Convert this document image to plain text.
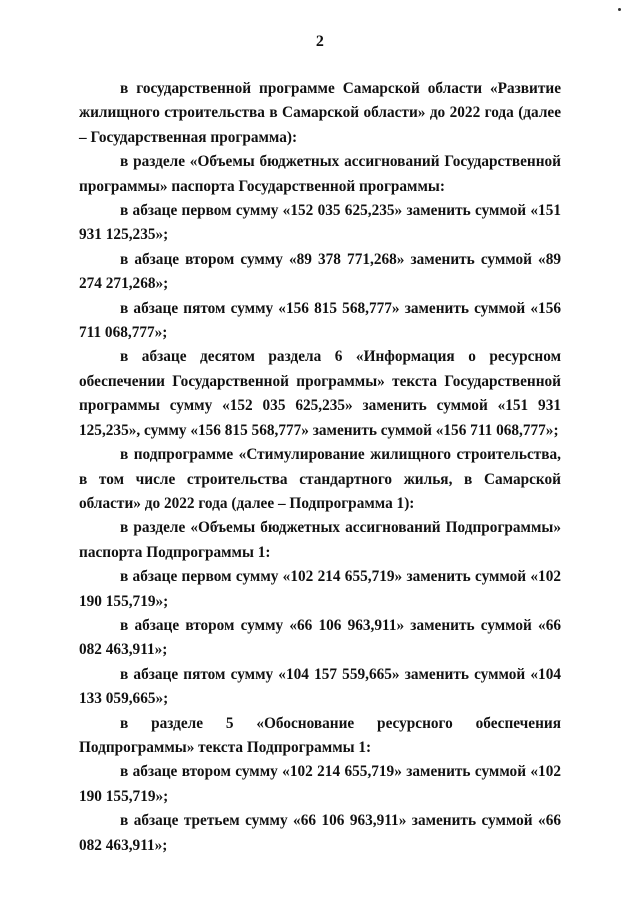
2

в государственной программе Самарской области «Развитие жилищного строительства в Самарской области» до 2022 года (далее – Государственная программа):

в разделе «Объемы бюджетных ассигнований Государственной программы» паспорта Государственной программы:

в абзаце первом сумму «152 035 625,235» заменить суммой «151 931 125,235»;

в абзаце втором сумму «89 378 771,268» заменить суммой «89 274 271,268»;

в абзаце пятом сумму «156 815 568,777» заменить суммой «156 711 068,777»;

в абзаце десятом раздела 6 «Информация о ресурсном обеспечении Государственной программы» текста Государственной программы сумму «152 035 625,235» заменить суммой «151 931 125,235», сумму «156 815 568,777» заменить суммой «156 711 068,777»;

в подпрограмме «Стимулирование жилищного строительства, в том числе строительства стандартного жилья, в Самарской области» до 2022 года (далее – Подпрограмма 1):

в разделе «Объемы бюджетных ассигнований Подпрограммы» паспорта Подпрограммы 1:

в абзаце первом сумму «102 214 655,719» заменить суммой «102 190 155,719»;

в абзаце втором сумму «66 106 963,911» заменить суммой «66 082 463,911»;

в абзаце пятом сумму «104 157 559,665» заменить суммой «104 133 059,665»;

в разделе 5 «Обоснование ресурсного обеспечения Подпрограммы» текста Подпрограммы 1:

в абзаце втором сумму «102 214 655,719» заменить суммой «102 190 155,719»;

в абзаце третьем сумму «66 106 963,911» заменить суммой «66 082 463,911»;
